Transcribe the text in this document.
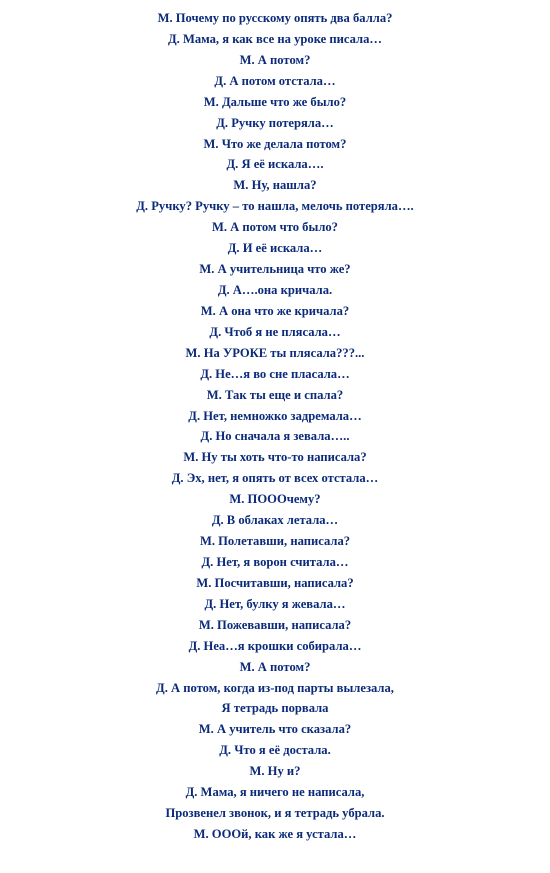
М. Почему по русскому опять два балла?
Д. Мама, я как все на уроке писала…
М. А потом?
Д. А потом отстала…
М. Дальше что же было?
Д. Ручку потеряла…
М. Что же делала потом?
Д. Я её искала….
М. Ну, нашла?
Д. Ручку? Ручку – то нашла, мелочь потеряла….
М. А потом что было?
Д. И её искала…
М. А учительница что же?
Д. А….она кричала.
М. А она что же кричала?
Д. Чтоб я не плясала…
М. На УРОКЕ ты плясала???...
Д. Не…я во сне пласала…
М. Так ты еще и спала?
Д. Нет, немножко задремала…
Д. Но сначала я зевала…..
М. Ну ты хоть что-то написала?
Д. Эх, нет, я опять от всех отстала…
М. ПОООчему?
Д. В облаках летала…
М. Полетавши, написала?
Д. Нет, я ворон считала…
М. Посчитавши, написала?
Д. Нет, булку я жевала…
М. Пожевавши, написала?
Д. Неа…я крошки собирала…
М. А потом?
Д. А потом, когда из-под парты вылезала,
Я тетрадь порвала
М. А учитель что сказала?
Д. Что я её достала.
М. Ну и?
Д. Мама, я ничего не написала,
Прозвенел звонок, и я тетрадь убрала.
М. ОООй, как же я устала…
